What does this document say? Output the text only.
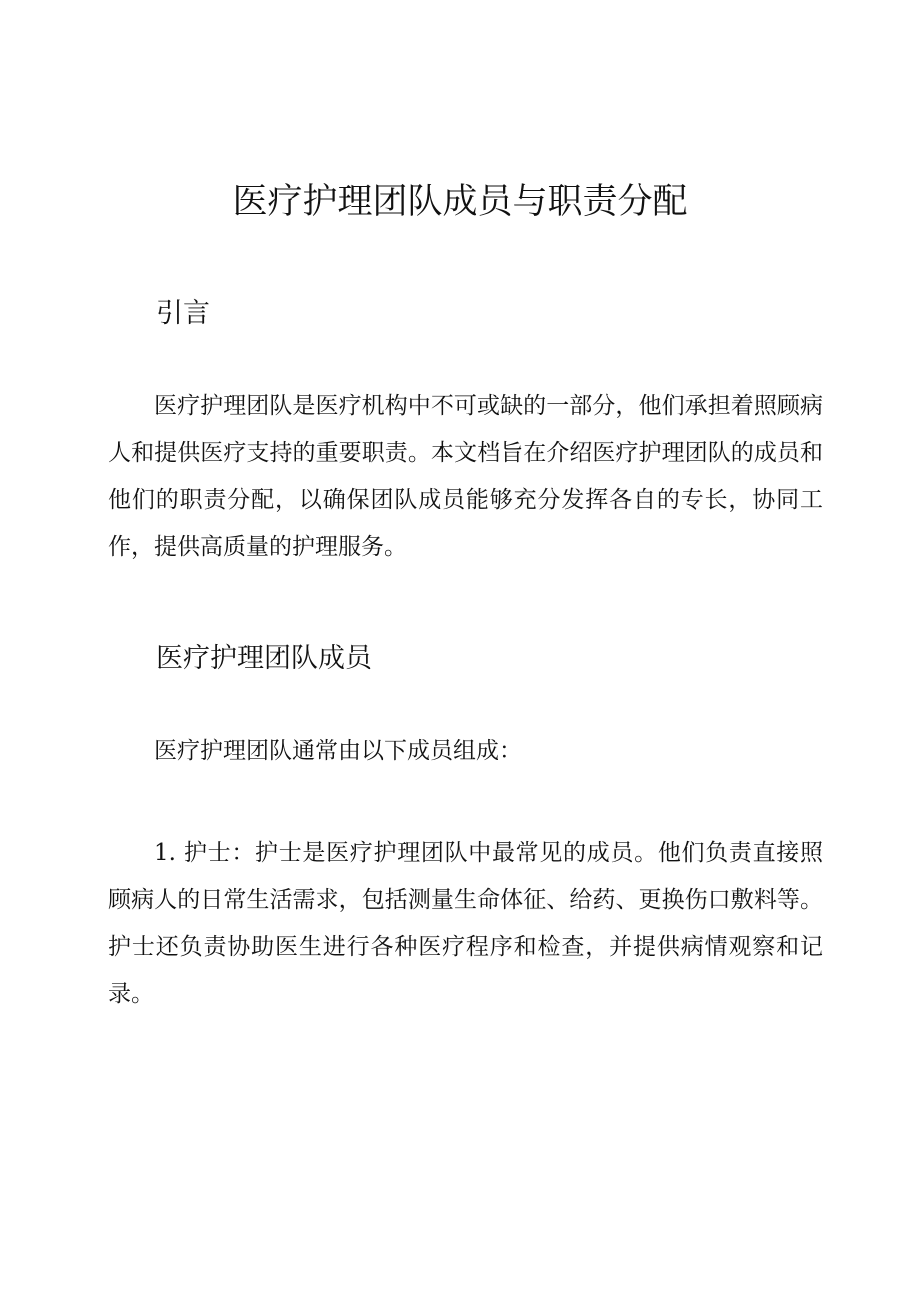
医疗护理团队成员与职责分配
引言

医疗护理团队是医疗机构中不可或缺的一部分，他们承担着照顾病人和提供医疗支持的重要职责。本文档旨在介绍医疗护理团队的成员和他们的职责分配，以确保团队成员能够充分发挥各自的专长，协同工作，提供高质量的护理服务。

医疗护理团队成员

医疗护理团队通常由以下成员组成：

1. 护士：护士是医疗护理团队中最常见的成员。他们负责直接照顾病人的日常生活需求，包括测量生命体征、给药、更换伤口敷料等。护士还负责协助医生进行各种医疗程序和检查，并提供病情观察和记录。
